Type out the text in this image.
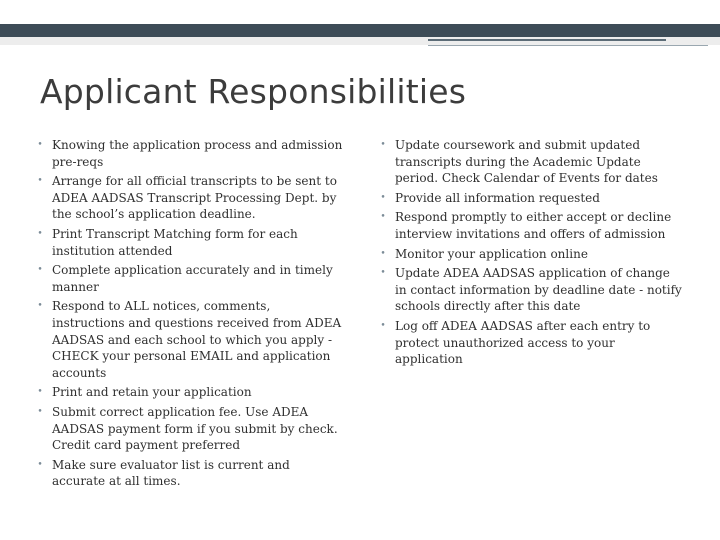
Applicant Responsibilities
• Knowing the application process and admission pre-reqs
• Arrange for all official transcripts to be sent to ADEA AADSAS Transcript Processing Dept. by the school’s application deadline.
• Print Transcript Matching form for each institution attended
• Complete application accurately and in timely manner
• Respond to ALL notices, comments, instructions and questions received from ADEA AADSAS and each school to which you apply - CHECK your personal EMAIL and application accounts
• Print and retain your application
• Submit correct application fee. Use ADEA AADSAS payment form if you submit by check. Credit card payment preferred
• Make sure evaluator list is current and accurate at all times.
• Update coursework and submit updated transcripts during the Academic Update period. Check Calendar of Events for dates
• Provide all information requested
• Respond promptly to either accept or decline interview invitations and offers of admission
• Monitor your application online
• Update ADEA AADSAS application of change in contact information by deadline date - notify schools directly after this date
• Log off ADEA AADSAS after each entry to protect unauthorized access to your application
